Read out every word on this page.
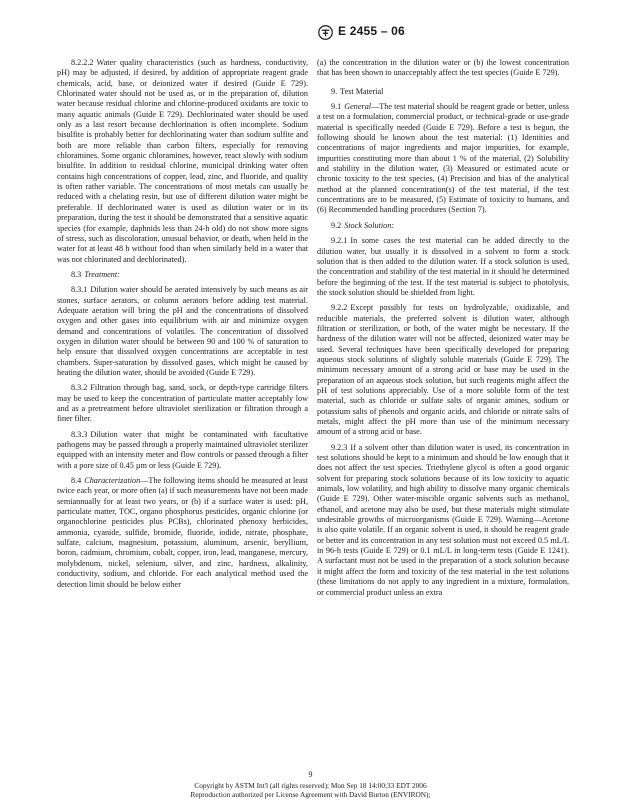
E 2455 – 06

8.2.2.2 Water quality characteristics (such as hardness, conductivity, pH) may be adjusted, if desired, by addition of appropriate reagent grade chemicals, acid, base, or deionized water if desired (Guide E 729). Chlorinated water should not be used as, or in the preparation of, dilution water because residual chlorine and chlorine-produced oxidants are toxic to many aquatic animals (Guide E 729). Dechlorinated water should be used only as a last resort because dechlorination is often incomplete. Sodium bisulfite is probably better for dechlorinating water than sodium sulfite and both are more reliable than carbon filters, especially for removing chloramines. Some organic chloramines, however, react slowly with sodium bisulfite. In addition to residual chlorine, municipal drinking water often contains high concentrations of copper, lead, zinc, and fluoride, and quality is often rather variable. The concentrations of most metals can usually be reduced with a chelating resin, but use of different dilution water might be preferable. If dechlorinated water is used as dilution water or in its preparation, during the test it should be demonstrated that a sensitive aquatic species (for example, daphnids less than 24-h old) do not show more signs of stress, such as discoloration, unusual behavior, or death, when held in the water for at least 48 h without food than when similarly held in a water that was not chlorinated and dechlorinated).

8.3 Treatment:

8.3.1 Dilution water should be aerated intensively by such means as air stones, surface aerators, or column aerators before adding test material. Adequate aeration will bring the pH and the concentrations of dissolved oxygen and other gases into equilibrium with air and minimize oxygen demand and concentrations of volatiles. The concentration of dissolved oxygen in dilution water should be between 90 and 100 % of saturation to help ensure that dissolved oxygen concentrations are acceptable in test chambers. Super-saturation by dissolved gases, which might be caused by heating the dilution water, should be avoided (Guide E 729).

8.3.2 Filtration through bag, sand, sock, or depth-type cartridge filters may be used to keep the concentration of particulate matter acceptably low and as a pretreatment before ultraviolet sterilization or filtration through a finer filter.

8.3.3 Dilution water that might be contaminated with facultative pathogens may be passed through a properly maintained ultraviolet sterilizer equipped with an intensity meter and flow controls or passed through a filter with a pore size of 0.45 µm or less (Guide E 729).

8.4 Characterization—The following items should be measured at least twice each year, or more often (a) if such measurements have not been made semiannually for at least two years, or (b) if a surface water is used: pH, particulate matter, TOC, organo phosphorus pesticides, organic chlorine (or organochlorine pesticides plus PCBs), chlorinated phenoxy herbicides, ammonia, cyanide, sulfide, bromide, fluoride, iodide, nitrate, phosphate, sulfate, calcium, magnesium, potassium, aluminum, arsenic, beryllium, boron, cadmium, chromium, cobalt, copper, iron, lead, manganese, mercury, molybdenum, nickel, selenium, silver, and zinc, hardness, alkalinity, conductivity, sodium, and chloride. For each analytical method used the detection limit should be below either

(a) the concentration in the dilution water or (b) the lowest concentration that has been shown to unacceptably affect the test species (Guide E 729).

9. Test Material

9.1 General—The test material should be reagent grade or better, unless a test on a formulation, commercial product, or technical-grade or use-grade material is specifically needed (Guide E 729). Before a test is begun, the following should be known about the test material: (1) Identities and concentrations of major ingredients and major impurities, for example, impurities constituting more than about 1 % of the material, (2) Solubility and stability in the dilution water, (3) Measured or estimated acute or chronic toxicity to the test species, (4) Precision and bias of the analytical method at the planned concentration(s) of the test material, if the test concentrations are to be measured, (5) Estimate of toxicity to humans, and (6) Recommended handling procedures (Section 7).

9.2 Stock Solution:

9.2.1 In some cases the test material can be added directly to the dilution water, but usually it is dissolved in a solvent to form a stock solution that is then added to the dilution water. If a stock solution is used, the concentration and stability of the test material in it should be determined before the beginning of the test. If the test material is subject to photolysis, the stock solution should be shielded from light.

9.2.2 Except possibly for tests on hydrolyzable, oxidizable, and reducible materials, the preferred solvent is dilution water, although filtration or sterilization, or both, of the water might be necessary. If the hardness of the dilution water will not be affected, deionized water may be used. Several techniques have been specifically developed for preparing aqueous stock solutions of slightly soluble materials (Guide E 729). The minimum necessary amount of a strong acid or base may be used in the preparation of an aqueous stock solution, but such reagents might affect the pH of test solutions appreciably. Use of a more soluble form of the test material, such as chloride or sulfate salts of organic amines, sodium or potassium salts of phenols and organic acids, and chloride or nitrate salts of metals, might affect the pH more than use of the minimum necessary amount of a strong acid or base.

9.2.3 If a solvent other than dilution water is used, its concentration in test solutions should be kept to a minimum and should be low enough that it does not affect the test species. Triethylene glycol is often a good organic solvent for preparing stock solutions because of its low toxicity to aquatic animals, low volatility, and high ability to dissolve many organic chemicals (Guide E 729). Other water-miscible organic solvents such as methanol, ethanol, and acetone may also be used, but these materials might stimulate undesirable growths of microorganisms (Guide E 729). Warning—Acetone is also quite volatile. If an organic solvent is used, it should be reagent grade or better and its concentration in any test solution must not exceed 0.5 mL/L in 96-h tests (Guide E 729) or 0.1 mL/L in long-term tests (Guide E 1241). A surfactant must not be used in the preparation of a stock solution because it might affect the form and toxicity of the test material in the test solutions (these limitations do not apply to any ingredient in a mixture, formulation, or commercial product unless an extra

9
Copyright by ASTM Int'l (all rights reserved); Mon Sep 18 14:00:33 EDT 2006
Reproduction authorized per License Agreement with David Burton (ENVIRON);
